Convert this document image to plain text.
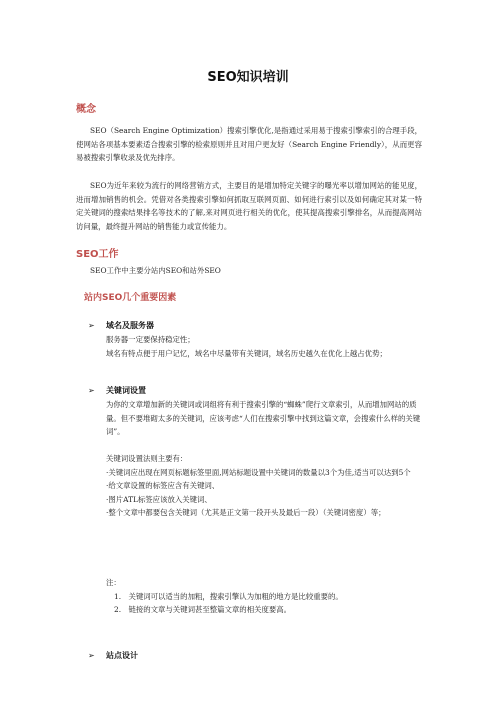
SEO知识培训
概念
SEO（Search Engine Optimization）搜索引擎优化,是指通过采用易于搜索引擎索引的合理手段，使网站各项基本要素适合搜索引擎的检索原则并且对用户更友好（Search Engine Friendly），从而更容易被搜索引擎收录及优先排序。
SEO为近年来较为流行的网络营销方式，主要目的是增加特定关键字的曝光率以增加网站的能见度，进而增加销售的机会。凭借对各类搜索引擎如何抓取互联网页面、如何进行索引以及如何确定其对某一特定关键词的搜索结果排名等技术的了解,来对网页进行相关的优化，使其提高搜索引擎排名，从而提高网站访问量，最终提升网站的销售能力或宣传能力。
SEO工作
SEO工作中主要分站内SEO和站外SEO
站内SEO几个重要因素
➢ 域名及服务器
服务器一定要保持稳定性；
域名有特点便于用户记忆，域名中尽量带有关键词，域名历史越久在优化上越占优势；
➢ 关键词设置
为你的文章增加新的关键词或词组将有利于搜索引擎的“蜘蛛”爬行文章索引，从而增加网站的质量。但不要堆砌太多的关键词，应该考虑“人们在搜索引擎中找到这篇文章，会搜索什么样的关键词”。
关键词设置法则主要有：
·关键词应出现在网页标题标签里面,网站标题设置中关键词的数量以3个为佳,适当可以达到5个
·给文章设置的标签应含有关键词、
·图片ATL标签应该放入关键词、
·整个文章中都要包含关键词（尤其是正文第一段开头及最后一段）（关键词密度）等；
注：
1.　关键词可以适当的加粗，搜索引擎认为加粗的地方是比较重要的。
2.　链接的文章与关键词甚至整篇文章的相关度要高。
➢ 站点设计
